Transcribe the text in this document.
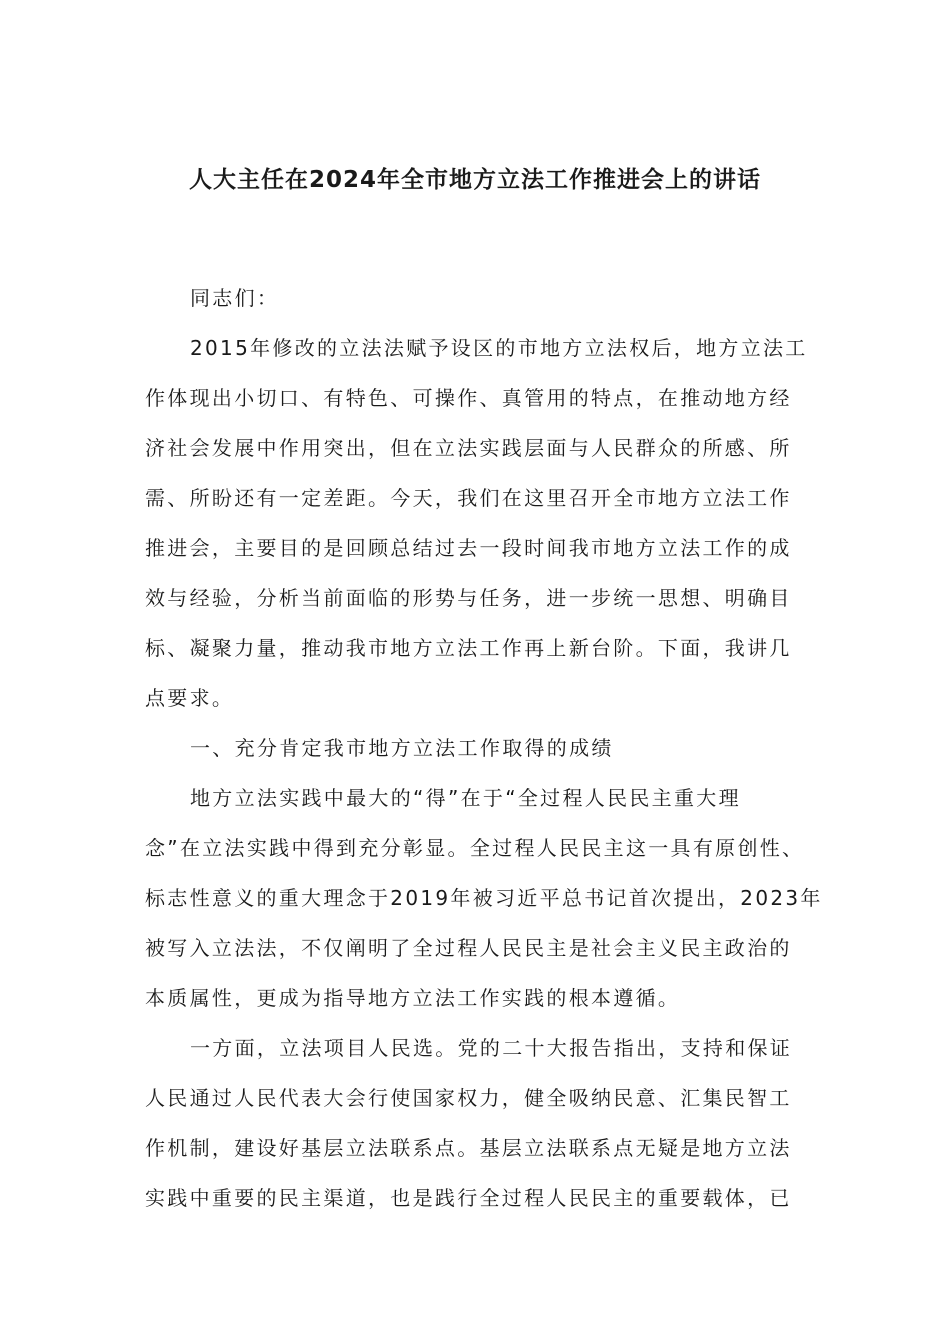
人大主任在2024年全市地方立法工作推进会上的讲话
同志们：
2015年修改的立法法赋予设区的市地方立法权后，地方立法工
作体现出小切口、有特色、可操作、真管用的特点，在推动地方经
济社会发展中作用突出，但在立法实践层面与人民群众的所感、所
需、所盼还有一定差距。今天，我们在这里召开全市地方立法工作
推进会，主要目的是回顾总结过去一段时间我市地方立法工作的成
效与经验，分析当前面临的形势与任务，进一步统一思想、明确目
标、凝聚力量，推动我市地方立法工作再上新台阶。下面，我讲几
点要求。
一、充分肯定我市地方立法工作取得的成绩
地方立法实践中最大的“得”在于“全过程人民民主重大理
念”在立法实践中得到充分彰显。全过程人民民主这一具有原创性、
标志性意义的重大理念于2019年被习近平总书记首次提出，2023年
被写入立法法，不仅阐明了全过程人民民主是社会主义民主政治的
本质属性，更成为指导地方立法工作实践的根本遵循。
一方面，立法项目人民选。党的二十大报告指出，支持和保证
人民通过人民代表大会行使国家权力，健全吸纳民意、汇集民智工
作机制，建设好基层立法联系点。基层立法联系点无疑是地方立法
实践中重要的民主渠道，也是践行全过程人民民主的重要载体，已
